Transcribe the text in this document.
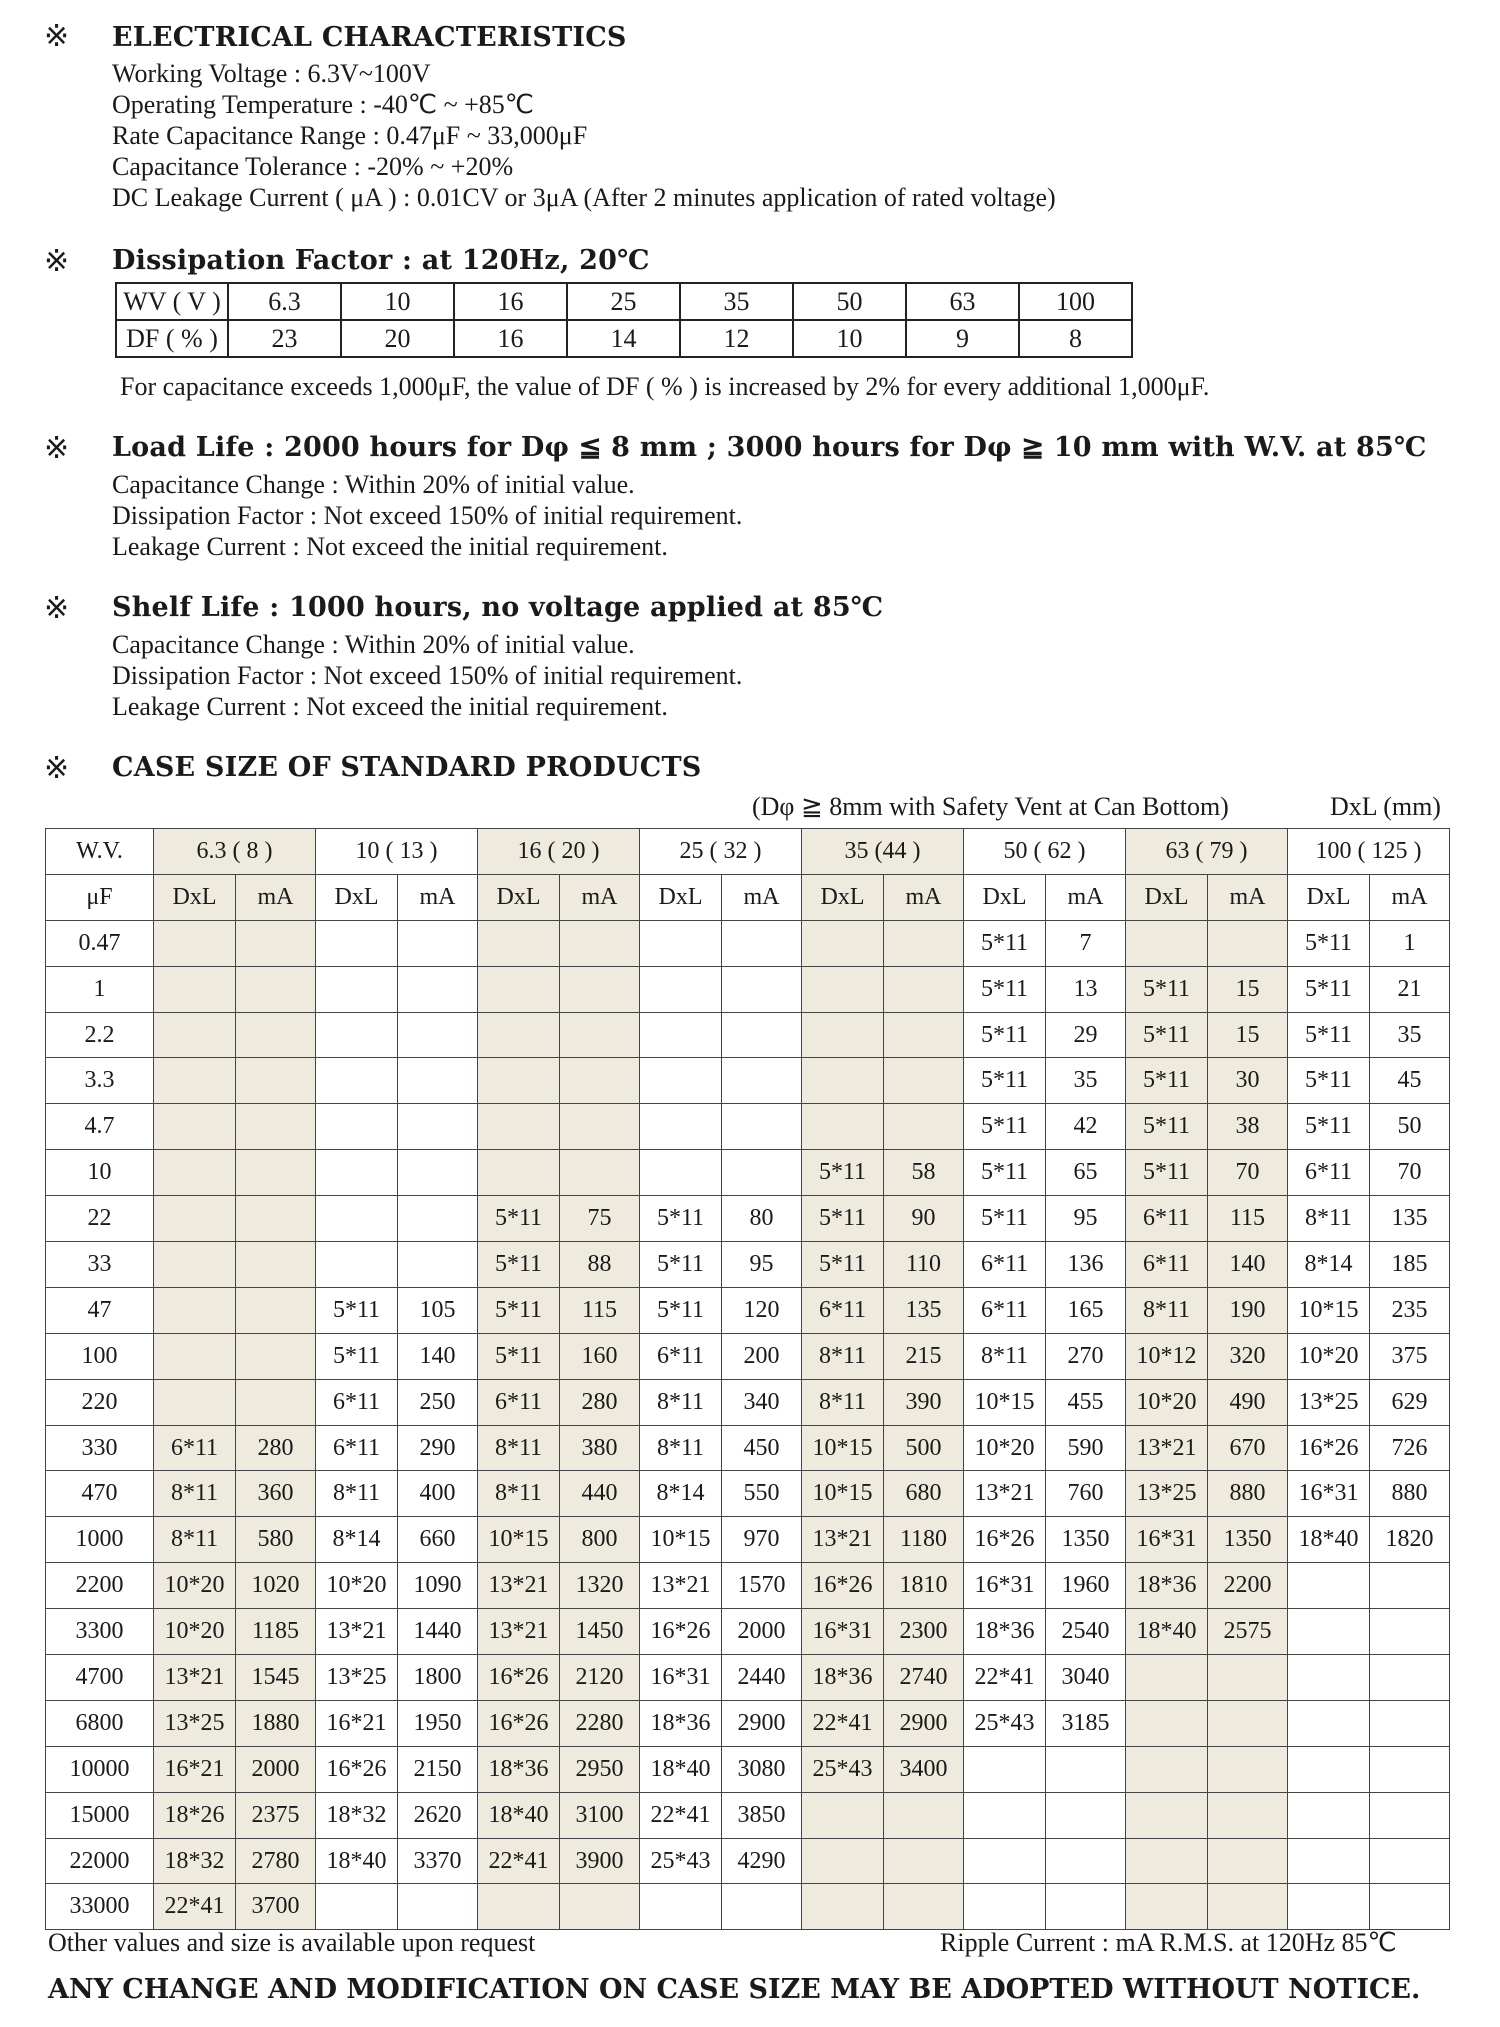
※ ELECTRICAL CHARACTERISTICS
Working Voltage : 6.3V~100V
Operating Temperature : -40℃ ~ +85℃
Rate Capacitance Range : 0.47μF ~ 33,000μF
Capacitance Tolerance : -20% ~ +20%
DC Leakage Current ( μA ) : 0.01CV or 3μA (After 2 minutes application of rated voltage)
※ Dissipation Factor : at 120Hz, 20℃
WV ( V )	6.3	10	16	25	35	50	63	100
DF ( % )	23	20	16	14	12	10	9	8
For capacitance exceeds 1,000μF, the value of DF ( % ) is increased by 2% for every additional 1,000μF.
※ Load Life : 2000 hours for Dφ ≦ 8 mm ; 3000 hours for Dφ ≧ 10 mm with W.V. at 85℃
Capacitance Change : Within 20% of initial value.
Dissipation Factor : Not exceed 150% of initial requirement.
Leakage Current : Not exceed the initial requirement.
※ Shelf Life : 1000 hours, no voltage applied at 85℃
Capacitance Change : Within 20% of initial value.
Dissipation Factor : Not exceed 150% of initial requirement.
Leakage Current : Not exceed the initial requirement.
※ CASE SIZE OF STANDARD PRODUCTS
(Dφ ≧ 8mm with Safety Vent at Can Bottom)	DxL (mm)
W.V.	6.3 ( 8 )		10 ( 13 )		16 ( 20 )		25 ( 32 )		35 (44 )		50 ( 62 )		63 ( 79 )		100 ( 125 )	
μF	DxL	mA	DxL	mA	DxL	mA	DxL	mA	DxL	mA	DxL	mA	DxL	mA	DxL	mA
0.47											5*11	7			5*11	1
1											5*11	13	5*11	15	5*11	21
2.2											5*11	29	5*11	15	5*11	35
3.3											5*11	35	5*11	30	5*11	45
4.7											5*11	42	5*11	38	5*11	50
10									5*11	58	5*11	65	5*11	70	6*11	70
22					5*11	75	5*11	80	5*11	90	5*11	95	6*11	115	8*11	135
33					5*11	88	5*11	95	5*11	110	6*11	136	6*11	140	8*14	185
47			5*11	105	5*11	115	5*11	120	6*11	135	6*11	165	8*11	190	10*15	235
100			5*11	140	5*11	160	6*11	200	8*11	215	8*11	270	10*12	320	10*20	375
220			6*11	250	6*11	280	8*11	340	8*11	390	10*15	455	10*20	490	13*25	629
330	6*11	280	6*11	290	8*11	380	8*11	450	10*15	500	10*20	590	13*21	670	16*26	726
470	8*11	360	8*11	400	8*11	440	8*14	550	10*15	680	13*21	760	13*25	880	16*31	880
1000	8*11	580	8*14	660	10*15	800	10*15	970	13*21	1180	16*26	1350	16*31	1350	18*40	1820
2200	10*20	1020	10*20	1090	13*21	1320	13*21	1570	16*26	1810	16*31	1960	18*36	2200		
3300	10*20	1185	13*21	1440	13*21	1450	16*26	2000	16*31	2300	18*36	2540	18*40	2575		
4700	13*21	1545	13*25	1800	16*26	2120	16*31	2440	18*36	2740	22*41	3040				
6800	13*25	1880	16*21	1950	16*26	2280	18*36	2900	22*41	2900	25*43	3185				
10000	16*21	2000	16*26	2150	18*36	2950	18*40	3080	25*43	3400						
15000	18*26	2375	18*32	2620	18*40	3100	22*41	3850								
22000	18*32	2780	18*40	3370	22*41	3900	25*43	4290								
33000	22*41	3700														
Other values and size is available upon request	Ripple Current : mA R.M.S. at 120Hz 85℃
ANY CHANGE AND MODIFICATION ON CASE SIZE MAY BE ADOPTED WITHOUT NOTICE.
